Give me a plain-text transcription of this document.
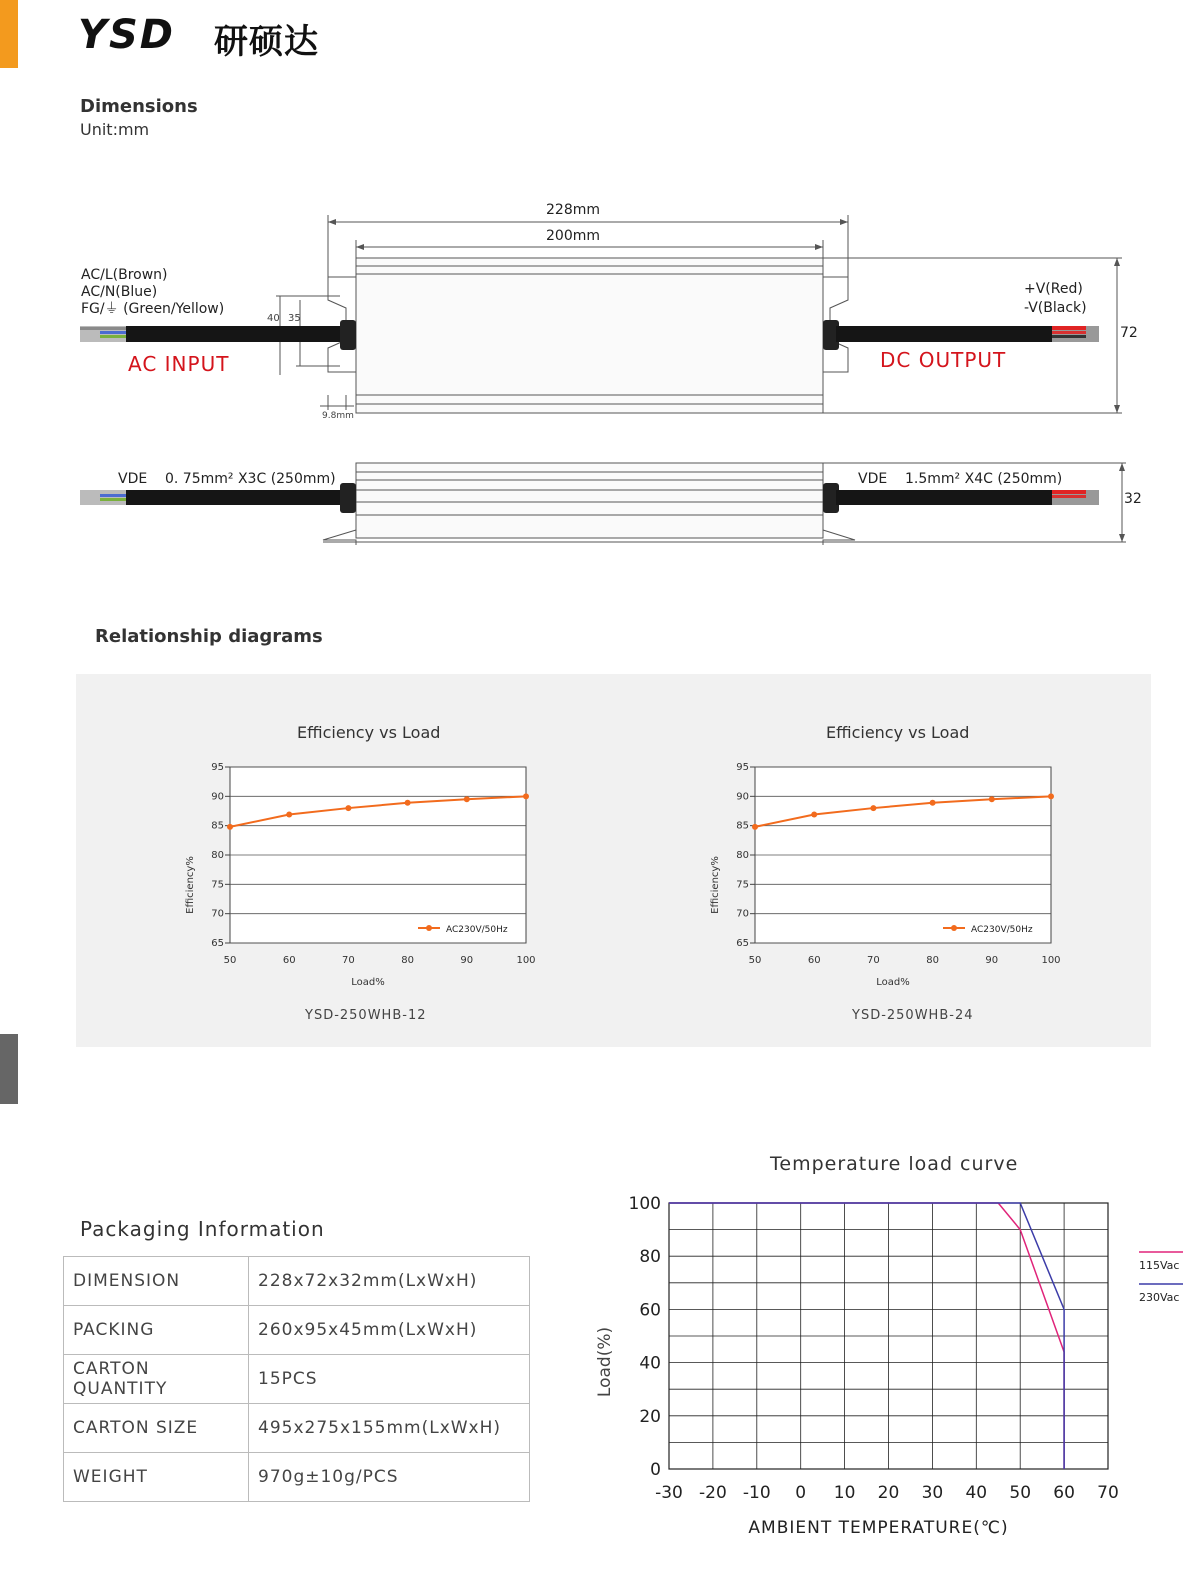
YSD 研硕达
Dimensions
Unit:mm
228mm
200mm
AC/L(Brown)
AC/N(Blue)
FG/⏚ (Green/Yellow)
+V(Red)
-V(Black)
AC INPUT	DC OUTPUT
72
32
40 35
9.8mm
VDE    0. 75mm² X3C (250mm)	VDE    1.5mm² X4C (250mm)
Relationship diagrams
Efficiency vs Load	Efficiency vs Load
65
70
75
80
85
90
95
50	60	70	80	90	100
Load%
Efficiency%
AC230V/50Hz
65
70
75
80
85
90
95
50	60	70	80	90	100
Load%
Efficiency%
AC230V/50Hz
YSD-250WHB-12	YSD-250WHB-24
Packaging Information
DIMENSION	228x72x32mm(LxWxH)
PACKING	260x95x45mm(LxWxH)
CARTON QUANTITY	15PCS
CARTON SIZE	495x275x155mm(LxWxH)
WEIGHT	970g±10g/PCS
Temperature load curve
-30 -20 -10 0 10 20 30 40 50 60 70
0
20
40
60
80
100
AMBIENT TEMPERATURE(℃)
Load(%)
115Vac
230Vac
